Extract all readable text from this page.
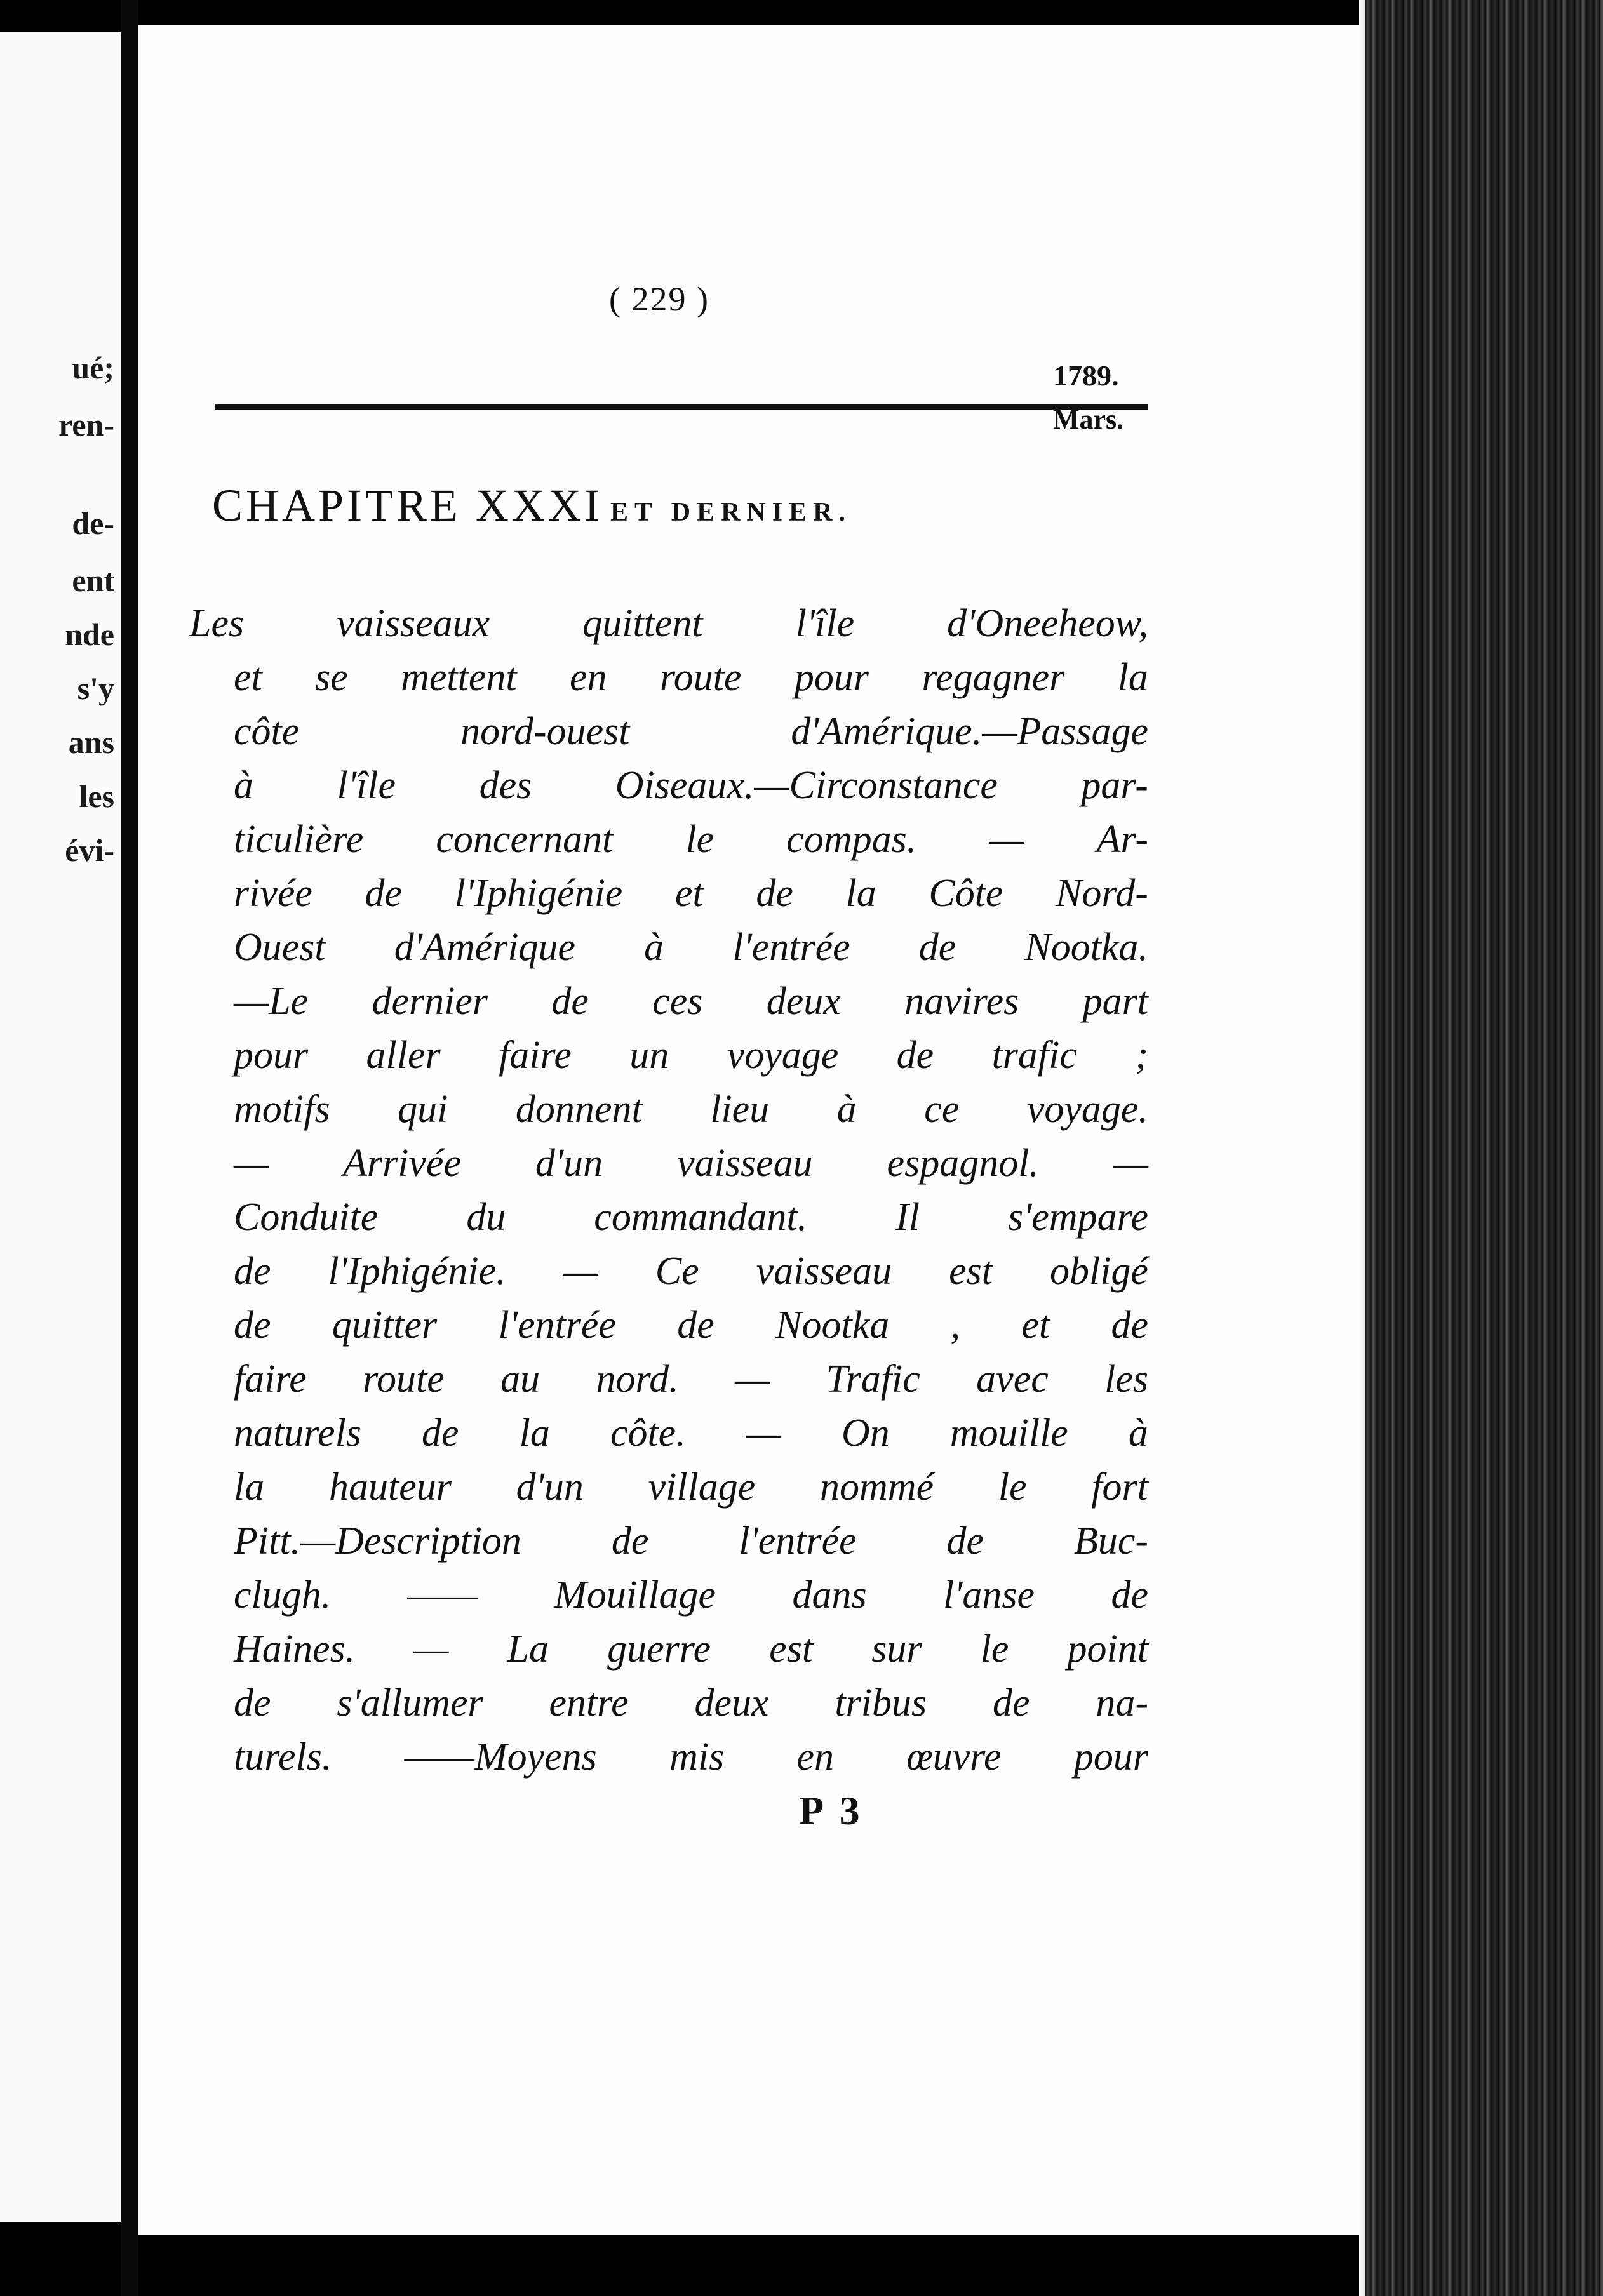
ué;
ren-
de-
ent
nde
s'y
ans
les
évi-
( 229 )
1789.
Mars.
CHAPITRE XXXI ET DERNIER.
Les vaisseaux quittent l'île d'Oneeheow,
et se mettent en route pour regagner la
côte	nord-ouest	d'Amérique.—Passage
à l'île des Oiseaux.—Circonstance par-
ticulière concernant le compas. — Ar-
rivée de l'Iphigénie et de la Côte Nord-
Ouest d'Amérique à l'entrée de Nootka.
—Le dernier de ces deux navires part
pour aller faire un voyage de trafic ;
motifs qui donnent lieu à ce voyage.
— Arrivée d'un vaisseau espagnol. —
Conduite du commandant. Il s'empare
de l'Iphigénie. — Ce vaisseau est obligé
de quitter l'entrée de Nootka , et de
faire route au nord. — Trafic avec les
naturels de la côte. — On mouille à
la hauteur d'un village nommé le fort
Pitt.—Description de l'entrée de Buc-
clugh. —— Mouillage dans l'anse de
Haines. — La guerre est sur le point
de s'allumer entre deux tribus de na-
turels. ——Moyens mis en œuvre pour
P 3
